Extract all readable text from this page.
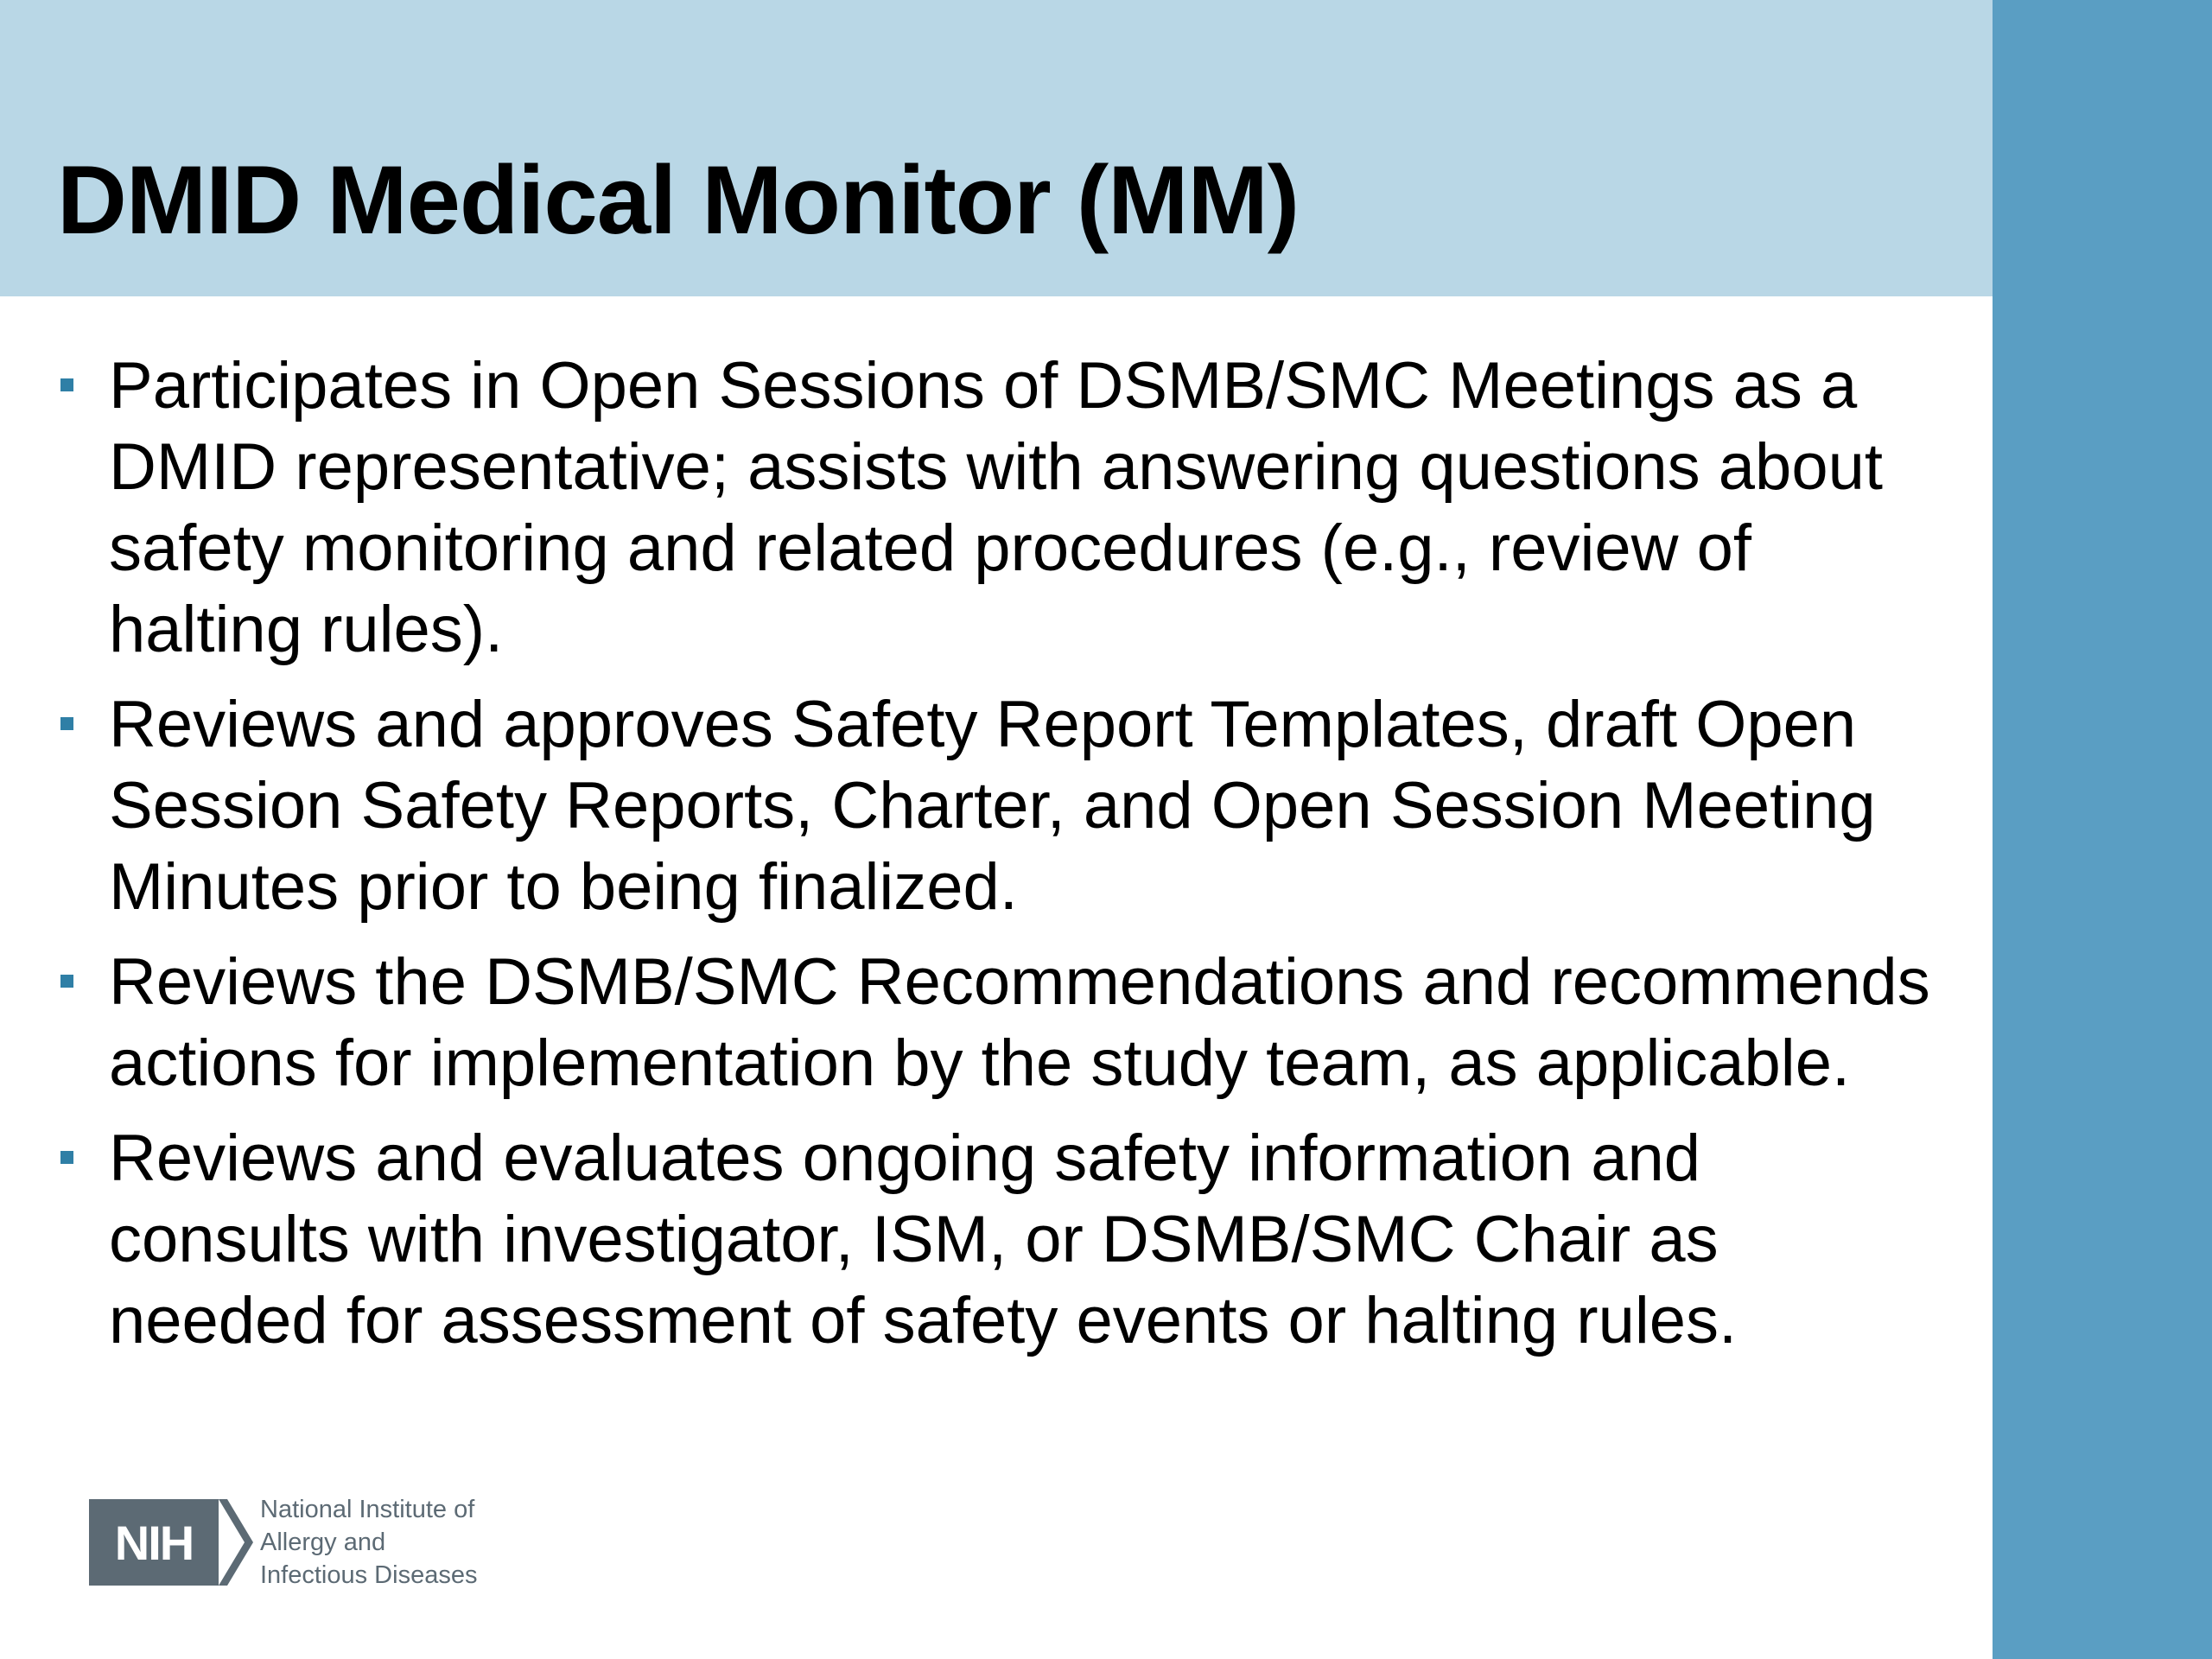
DMID Medical Monitor (MM)
Participates in Open Sessions of DSMB/SMC Meetings as a DMID representative; assists with answering questions about safety monitoring and related procedures (e.g., review of halting rules).
Reviews and approves Safety Report Templates, draft Open Session Safety Reports, Charter, and Open Session Meeting Minutes prior to being finalized.
Reviews the DSMB/SMC Recommendations and recommends actions for implementation by the study team, as applicable.
Reviews and evaluates ongoing safety information and consults with investigator, ISM, or DSMB/SMC Chair as needed for assessment of safety events or halting rules.
NIH
National Institute of
Allergy and
Infectious Diseases
